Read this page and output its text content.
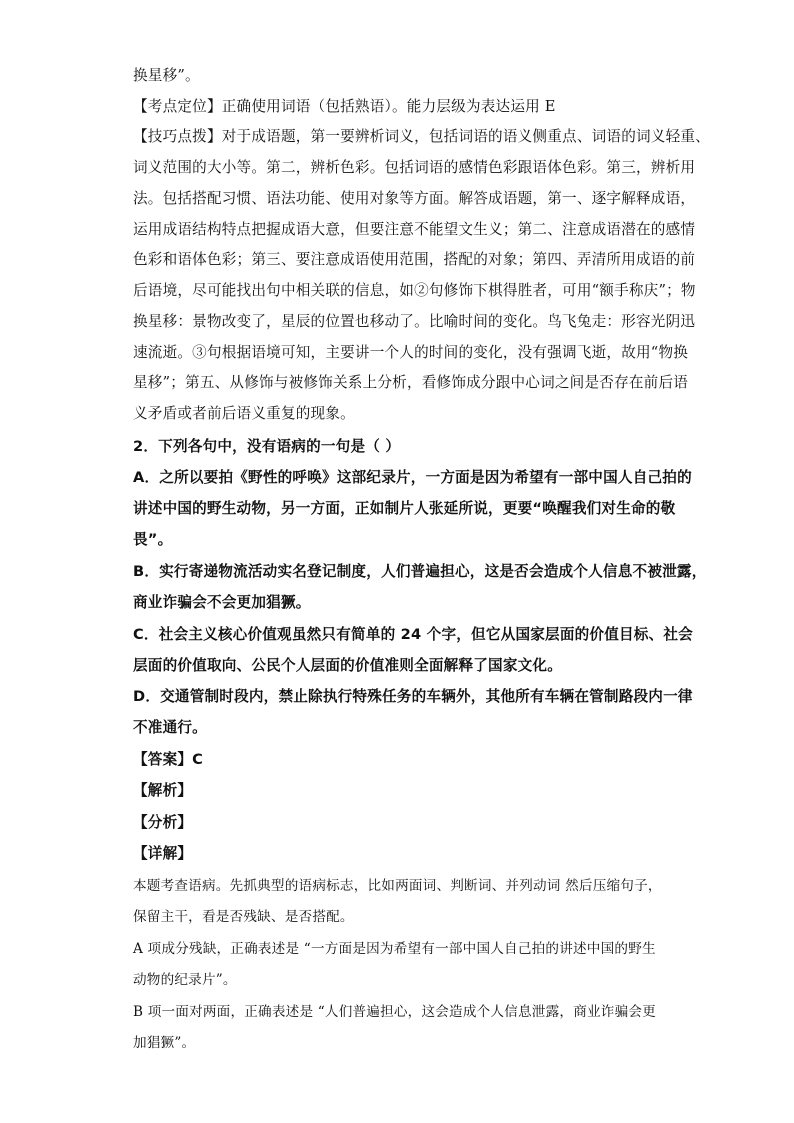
换星移”。
【考点定位】正确使用词语（包括熟语）。能力层级为表达运用 E
【技巧点拨】对于成语题，第一要辨析词义，包括词语的语义侧重点、词语的词义轻重、
词义范围的大小等。第二，辨析色彩。包括词语的感情色彩跟语体色彩。第三，辨析用
法。包括搭配习惯、语法功能、使用对象等方面。解答成语题，第一、逐字解释成语，
运用成语结构特点把握成语大意，但要注意不能望文生义；第二、注意成语潜在的感情
色彩和语体色彩；第三、要注意成语使用范围，搭配的对象；第四、弄清所用成语的前
后语境，尽可能找出句中相关联的信息，如②句修饰下棋得胜者，可用“额手称庆”；物
换星移：景物改变了，星辰的位置也移动了。比喻时间的变化。鸟飞兔走：形容光阴迅
速流逝。③句根据语境可知，主要讲一个人的时间的变化，没有强调飞逝，故用“物换
星移”；第五、从修饰与被修饰关系上分析，看修饰成分跟中心词之间是否存在前后语
义矛盾或者前后语义重复的现象。
2．下列各句中，没有语病的一句是（ ）
A．之所以要拍《野性的呼唤》这部纪录片，一方面是因为希望有一部中国人自己拍的
讲述中国的野生动物，另一方面，正如制片人张延所说，更要“唤醒我们对生命的敬
畏”。
B．实行寄递物流活动实名登记制度，人们普遍担心，这是否会造成个人信息不被泄露，
商业诈骗会不会更加猖獗。
C．社会主义核心价值观虽然只有简单的 24 个字，但它从国家层面的价值目标、社会
层面的价值取向、公民个人层面的价值准则全面解释了国家文化。
D．交通管制时段内，禁止除执行特殊任务的车辆外，其他所有车辆在管制路段内一律
不准通行。
【答案】C
【解析】
【分析】
【详解】
本题考查语病。先抓典型的语病标志，比如两面词、判断词、并列动词 然后压缩句子，
保留主干，看是否残缺、是否搭配。
A 项成分残缺，正确表述是 “一方面是因为希望有一部中国人自己拍的讲述中国的野生
动物的纪录片”。
B 项一面对两面，正确表述是 “人们普遍担心，这会造成个人信息泄露，商业诈骗会更
加猖獗”。
